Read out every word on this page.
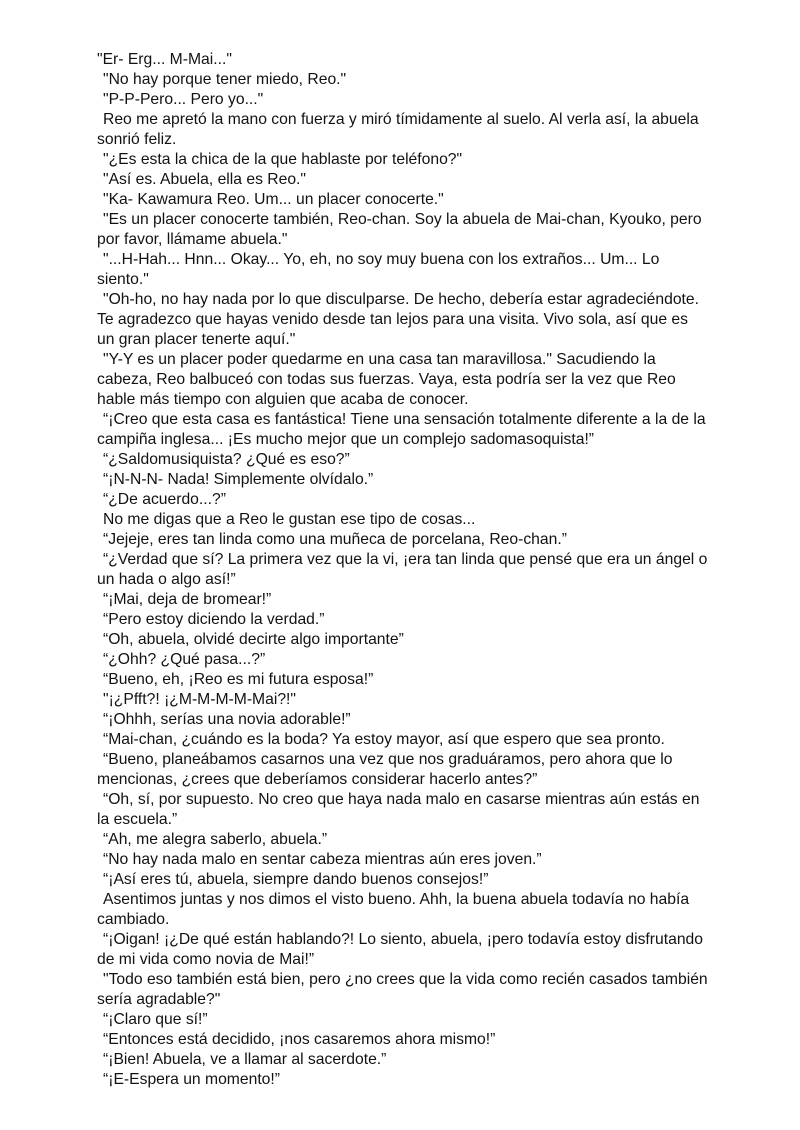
"Er- Erg... M-Mai..."

"No hay porque tener miedo, Reo."

"P-P-Pero... Pero yo..."

Reo me apretó la mano con fuerza y miró tímidamente al suelo. Al verla así, la abuela sonrió feliz.

"¿Es esta la chica de la que hablaste por teléfono?"

"Así es. Abuela, ella es Reo."

"Ka- Kawamura Reo. Um... un placer conocerte."

"Es un placer conocerte también, Reo-chan. Soy la abuela de Mai-chan, Kyouko, pero por favor, llámame abuela."

"...H-Hah... Hnn... Okay... Yo, eh, no soy muy buena con los extraños... Um... Lo siento."

"Oh-ho, no hay nada por lo que disculparse. De hecho, debería estar agradeciéndote. Te agradezco que hayas venido desde tan lejos para una visita. Vivo sola, así que es un gran placer tenerte aquí."

"Y-Y es un placer poder quedarme en una casa tan maravillosa." Sacudiendo la cabeza, Reo balbuceó con todas sus fuerzas. Vaya, esta podría ser la vez que Reo hable más tiempo con alguien que acaba de conocer.

“¡Creo que esta casa es fantástica! Tiene una sensación totalmente diferente a la de la campiña inglesa... ¡Es mucho mejor que un complejo sadomasoquista!”

“¿Saldomusiquista? ¿Qué es eso?”

“¡N-N-N- Nada! Simplemente olvídalo.”

“¿De acuerdo...?”

No me digas que a Reo le gustan ese tipo de cosas...

“Jejeje, eres tan linda como una muñeca de porcelana, Reo-chan.”

“¿Verdad que sí? La primera vez que la vi, ¡era tan linda que pensé que era un ángel o un hada o algo así!”

“¡Mai, deja de bromear!”

“Pero estoy diciendo la verdad.”

“Oh, abuela, olvidé decirte algo importante”

“¿Ohh? ¿Qué pasa...?”

“Bueno, eh, ¡Reo es mi futura esposa!”

"¡¿Pfft?! ¡¿M-M-M-M-Mai?!"

“¡Ohhh, serías una novia adorable!”

“Mai-chan, ¿cuándo es la boda? Ya estoy mayor, así que espero que sea pronto.

“Bueno, planeábamos casarnos una vez que nos graduáramos, pero ahora que lo mencionas, ¿crees que deberíamos considerar hacerlo antes?”

“Oh, sí, por supuesto. No creo que haya nada malo en casarse mientras aún estás en la escuela.”

“Ah, me alegra saberlo, abuela.”

“No hay nada malo en sentar cabeza mientras aún eres joven.”

“¡Así eres tú, abuela, siempre dando buenos consejos!”

Asentimos juntas y nos dimos el visto bueno. Ahh, la buena abuela todavía no había cambiado.

“¡Oigan! ¡¿De qué están hablando?! Lo siento, abuela, ¡pero todavía estoy disfrutando de mi vida como novia de Mai!”

"Todo eso también está bien, pero ¿no crees que la vida como recién casados también sería agradable?"

“¡Claro que sí!”

“Entonces está decidido, ¡nos casaremos ahora mismo!”

“¡Bien! Abuela, ve a llamar al sacerdote.”

“¡E-Espera un momento!”
